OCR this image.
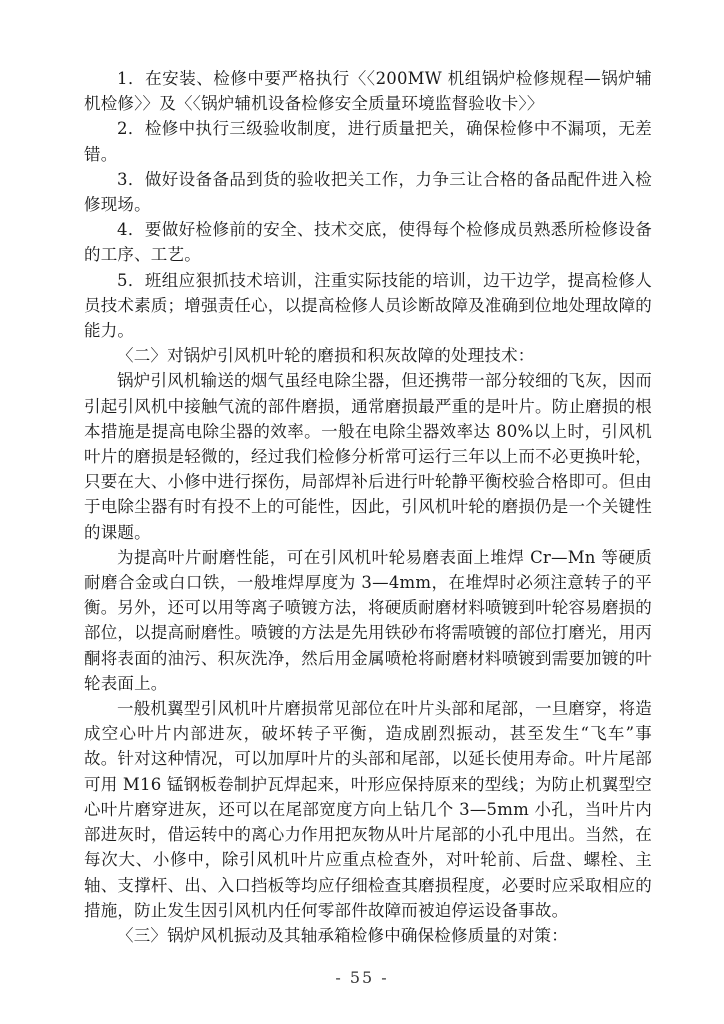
1．在安装、检修中要严格执行〈〈200MW 机组锅炉检修规程—锅炉辅机检修〉〉及〈〈锅炉辅机设备检修安全质量环境监督验收卡〉〉

2．检修中执行三级验收制度，进行质量把关，确保检修中不漏项，无差错。

3．做好设备备品到货的验收把关工作，力争三让合格的备品配件进入检修现场。

4．要做好检修前的安全、技术交底，使得每个检修成员熟悉所检修设备的工序、工艺。

5．班组应狠抓技术培训，注重实际技能的培训，边干边学，提高检修人员技术素质；增强责任心，以提高检修人员诊断故障及准确到位地处理故障的能力。

〈二〉对锅炉引风机叶轮的磨损和积灰故障的处理技术：

锅炉引风机输送的烟气虽经电除尘器，但还携带一部分较细的飞灰，因而引起引风机中接触气流的部件磨损，通常磨损最严重的是叶片。防止磨损的根本措施是提高电除尘器的效率。一般在电除尘器效率达 80%以上时，引风机叶片的磨损是轻微的，经过我们检修分析常可运行三年以上而不必更换叶轮，只要在大、小修中进行探伤，局部焊补后进行叶轮静平衡校验合格即可。但由于电除尘器有时有投不上的可能性，因此，引风机叶轮的磨损仍是一个关键性的课题。

为提高叶片耐磨性能，可在引风机叶轮易磨表面上堆焊 Cr—Mn 等硬质耐磨合金或白口铁，一般堆焊厚度为 3—4mm，在堆焊时必须注意转子的平衡。另外，还可以用等离子喷镀方法，将硬质耐磨材料喷镀到叶轮容易磨损的部位，以提高耐磨性。喷镀的方法是先用铁砂布将需喷镀的部位打磨光，用丙酮将表面的油污、积灰洗净，然后用金属喷枪将耐磨材料喷镀到需要加镀的叶轮表面上。

一般机翼型引风机叶片磨损常见部位在叶片头部和尾部，一旦磨穿，将造成空心叶片内部进灰，破坏转子平衡，造成剧烈振动，甚至发生“飞车”事故。针对这种情况，可以加厚叶片的头部和尾部，以延长使用寿命。叶片尾部可用 M16 锰钢板卷制护瓦焊起来，叶形应保持原来的型线；为防止机翼型空心叶片磨穿进灰，还可以在尾部宽度方向上钻几个 3—5mm 小孔，当叶片内部进灰时，借运转中的离心力作用把灰物从叶片尾部的小孔中甩出。当然，在每次大、小修中，除引风机叶片应重点检查外，对叶轮前、后盘、螺栓、主轴、支撑杆、出、入口挡板等均应仔细检查其磨损程度，必要时应采取相应的措施，防止发生因引风机内任何零部件故障而被迫停运设备事故。

〈三〉锅炉风机振动及其轴承箱检修中确保检修质量的对策：

- 55 -
